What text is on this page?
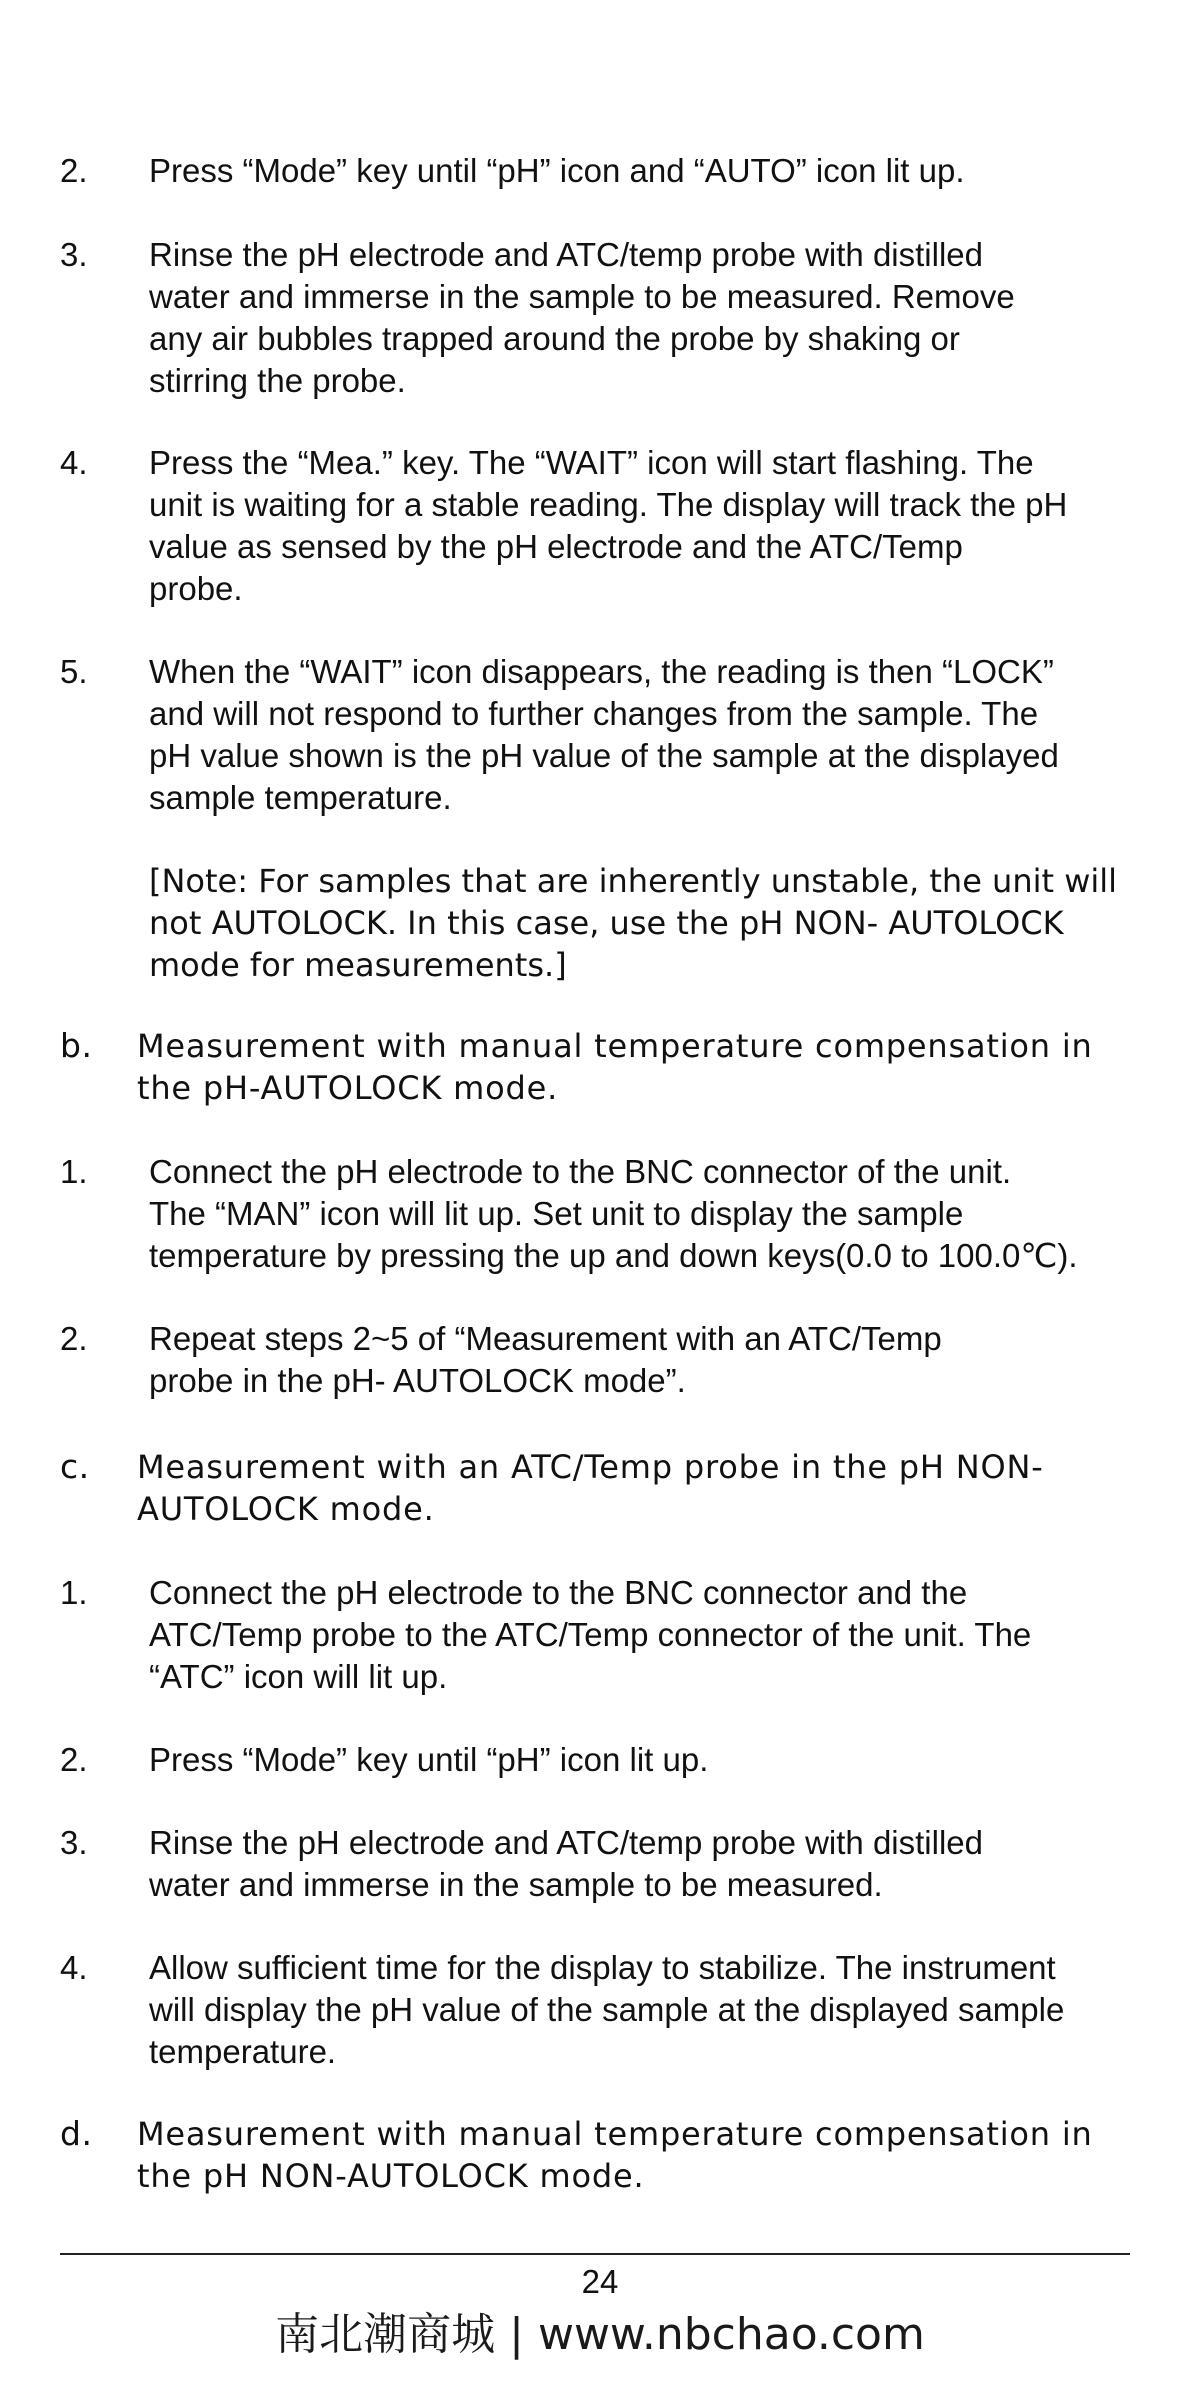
2. Press “Mode” key until “pH” icon and “AUTO” icon lit up.
3. Rinse the pH electrode and ATC/temp probe with distilled
water and immerse in the sample to be measured. Remove
any air bubbles trapped around the probe by shaking or
stirring the probe.
4. Press the “Mea.” key. The “WAIT” icon will start flashing. The
unit is waiting for a stable reading. The display will track the pH
value as sensed by the pH electrode and the ATC/Temp
probe.
5. When the “WAIT” icon disappears, the reading is then “LOCK”
and will not respond to further changes from the sample. The
pH value shown is the pH value of the sample at the displayed
sample temperature.
[Note: For samples that are inherently unstable, the unit will
not AUTOLOCK. In this case, use the pH NON- AUTOLOCK
mode for measurements.]
b. Measurement with manual temperature compensation in
the pH-AUTOLOCK mode.
1. Connect the pH electrode to the BNC connector of the unit.
The “MAN” icon will lit up. Set unit to display the sample
temperature by pressing the up and down keys(0.0 to 100.0℃).
2. Repeat steps 2~5 of “Measurement with an ATC/Temp
probe in the pH- AUTOLOCK mode”.
c. Measurement with an ATC/Temp probe in the pH NON-
AUTOLOCK mode.
1. Connect the pH electrode to the BNC connector and the
ATC/Temp probe to the ATC/Temp connector of the unit. The
“ATC” icon will lit up.
2. Press “Mode” key until “pH” icon lit up.
3. Rinse the pH electrode and ATC/temp probe with distilled
water and immerse in the sample to be measured.
4. Allow sufficient time for the display to stabilize. The instrument
will display the pH value of the sample at the displayed sample
temperature.
d. Measurement with manual temperature compensation in
the pH NON-AUTOLOCK mode.
24
南北潮商城 | www.nbchao.com
